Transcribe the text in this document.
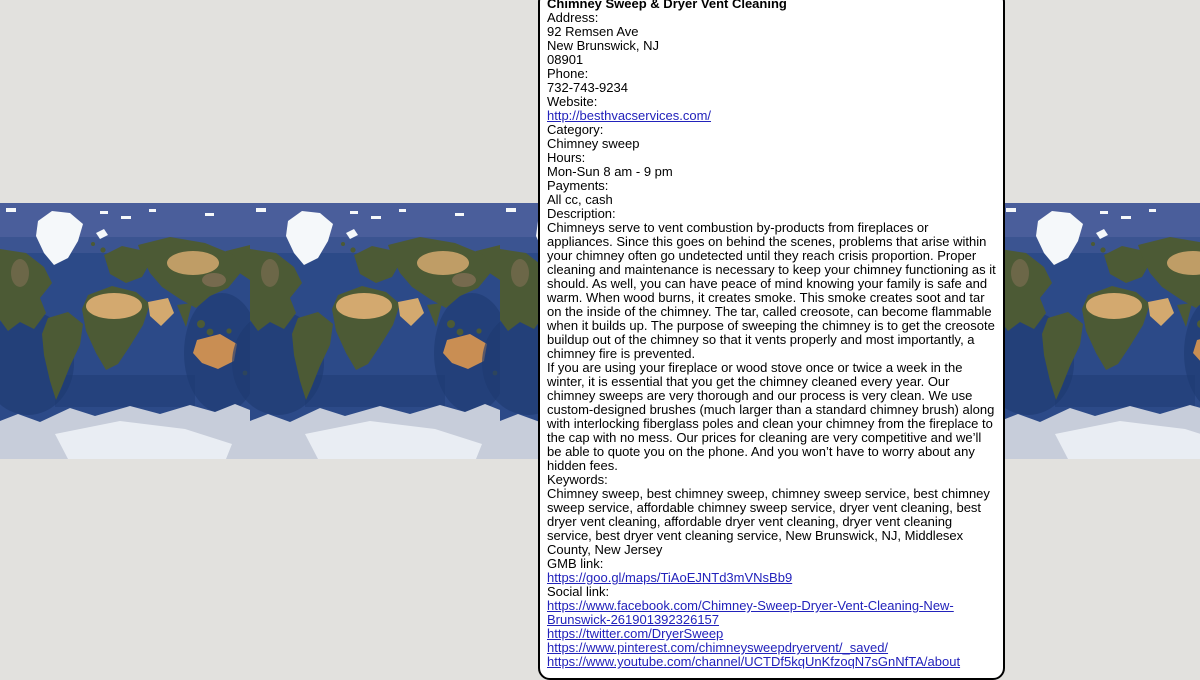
Chimney Sweep & Dryer Vent Cleaning
Address:
92 Remsen Ave
New Brunswick, NJ
08901
Phone:
732-743-9234
Website:
http://besthvacservices.com/
Category:
Chimney sweep
Hours:
Mon-Sun 8 am - 9 pm
Payments:
All cc, cash
Description:
Chimneys serve to vent combustion by-products from fireplaces or appliances. Since this goes on behind the scenes, problems that arise within your chimney often go undetected until they reach crisis proportion. Proper cleaning and maintenance is necessary to keep your chimney functioning as it should. As well, you can have peace of mind knowing your family is safe and warm. When wood burns, it creates smoke. This smoke creates soot and tar on the inside of the chimney. The tar, called creosote, can become flammable when it builds up. The purpose of sweeping the chimney is to get the creosote buildup out of the chimney so that it vents properly and most importantly, a chimney fire is prevented.
If you are using your fireplace or wood stove once or twice a week in the winter, it is essential that you get the chimney cleaned every year. Our chimney sweeps are very thorough and our process is very clean. We use custom-designed brushes (much larger than a standard chimney brush) along with interlocking fiberglass poles and clean your chimney from the fireplace to the cap with no mess. Our prices for cleaning are very competitive and we’ll be able to quote you on the phone. And you won’t have to worry about any hidden fees.
Keywords:
Chimney sweep, best chimney sweep, chimney sweep service, best chimney sweep service, affordable chimney sweep service, dryer vent cleaning, best dryer vent cleaning, affordable dryer vent cleaning, dryer vent cleaning service, best dryer vent cleaning service, New Brunswick, NJ, Middlesex County, New Jersey
GMB link:
https://goo.gl/maps/TiAoEJNTd3mVNsBb9
Social link:
https://www.facebook.com/Chimney-Sweep-Dryer-Vent-Cleaning-New-Brunswick-261901392326157
https://twitter.com/DryerSweep
https://www.pinterest.com/chimneysweepdryervent/_saved/
https://www.youtube.com/channel/UCTDf5kqUnKfzoqN7sGnNfTA/about
